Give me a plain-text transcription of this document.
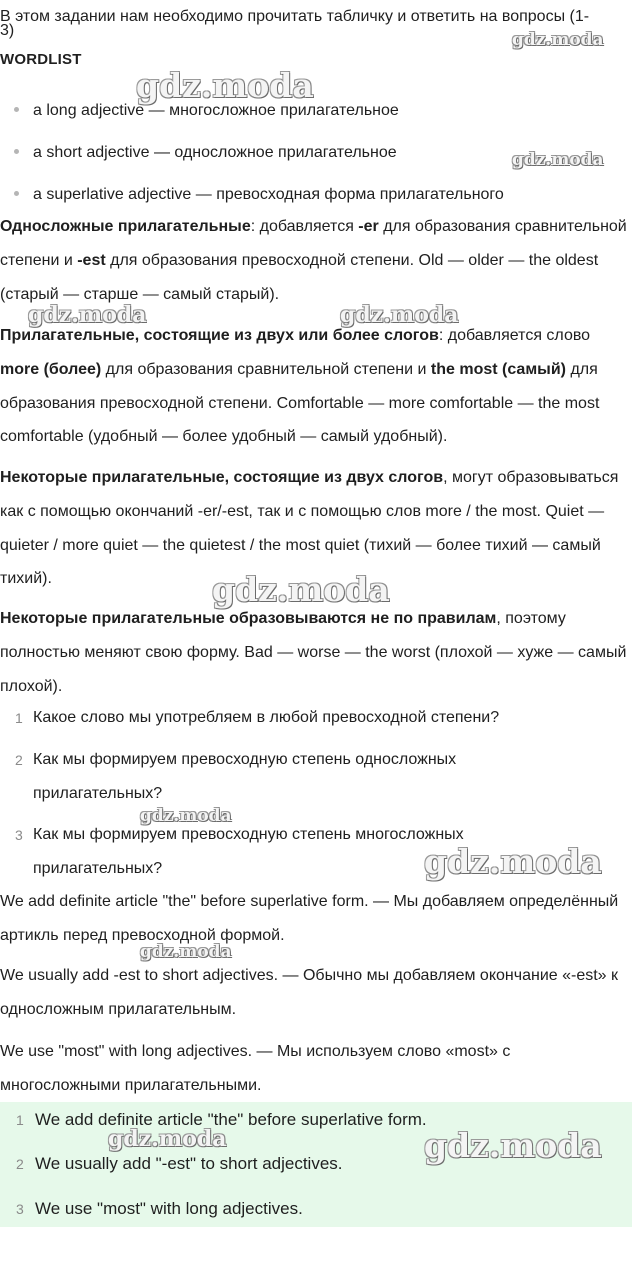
В этом задании нам необходимо прочитать табличку и ответить на вопросы (1-
3)
WORDLIST
a long adjective — многосложное прилагательное
a short adjective — односложное прилагательное
a superlative adjective — превосходная форма прилагательного
Односложные прилагательные: добавляется -er для образования сравнительной степени и -est для образования превосходной степени. Old — older — the oldest (старый — старше — самый старый).
Прилагательные, состоящие из двух или более слогов: добавляется слово more (более) для образования сравнительной степени и the most (самый) для образования превосходной степени. Comfortable — more comfortable — the most comfortable (удобный — более удобный — самый удобный).
Некоторые прилагательные, состоящие из двух слогов, могут образовываться как с помощью окончаний -er/-est, так и с помощью слов more / the most. Quiet — quieter / more quiet — the quietest / the most quiet (тихий — более тихий — самый тихий).
Некоторые прилагательные образовываются не по правилам, поэтому полностью меняют свою форму. Bad — worse — the worst (плохой — хуже — самый плохой).
1 Какое слово мы употребляем в любой превосходной степени?
2 Как мы формируем превосходную степень односложных прилагательных?
3 Как мы формируем превосходную степень многосложных прилагательных?
We add definite article "the" before superlative form. — Мы добавляем определённый артикль перед превосходной формой.
We usually add -est to short adjectives. — Обычно мы добавляем окончание «-est» к односложным прилагательным.
We use "most" with long adjectives. — Мы используем слово «most» с многосложными прилагательными.
1 We add definite article "the" before superlative form.
2 We usually add "-est" to short adjectives.
3 We use "most" with long adjectives.
gdz.moda
gdz.moda
gdz.moda
gdz.moda	gdz.moda
gdz.moda
gdz.moda
gdz.moda
gdz.moda
gdz.moda	gdz.moda
